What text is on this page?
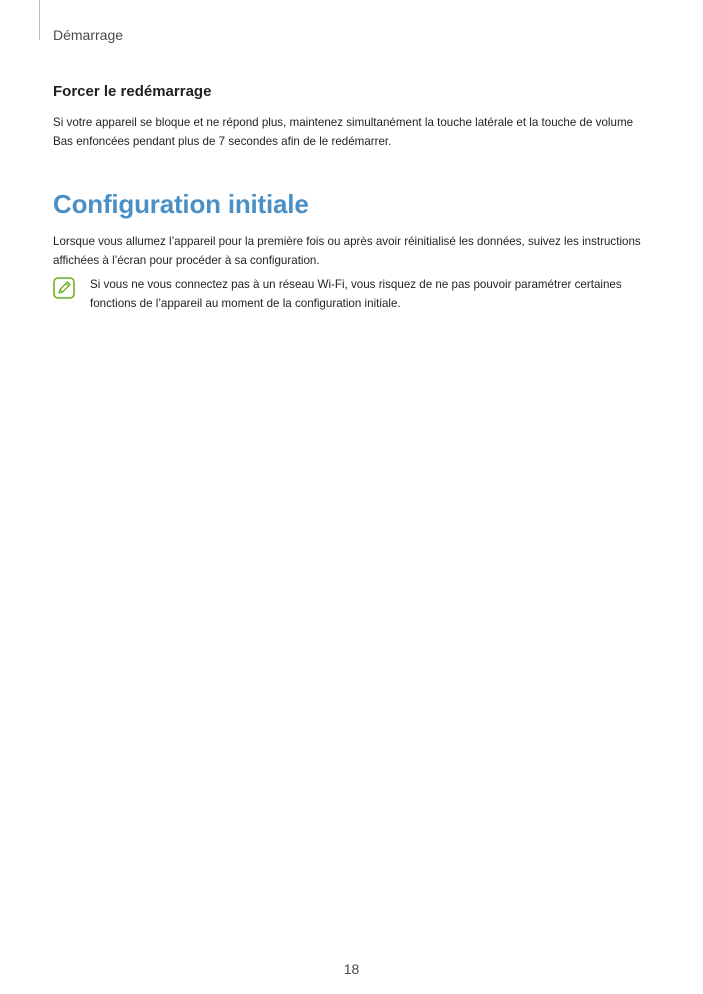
Démarrage
Forcer le redémarrage
Si votre appareil se bloque et ne répond plus, maintenez simultanément la touche latérale et la touche de volume Bas enfoncées pendant plus de 7 secondes afin de le redémarrer.
Configuration initiale
Lorsque vous allumez l’appareil pour la première fois ou après avoir réinitialisé les données, suivez les instructions affichées à l’écran pour procéder à sa configuration.
Si vous ne vous connectez pas à un réseau Wi-Fi, vous risquez de ne pas pouvoir paramétrer certaines fonctions de l’appareil au moment de la configuration initiale.
18
